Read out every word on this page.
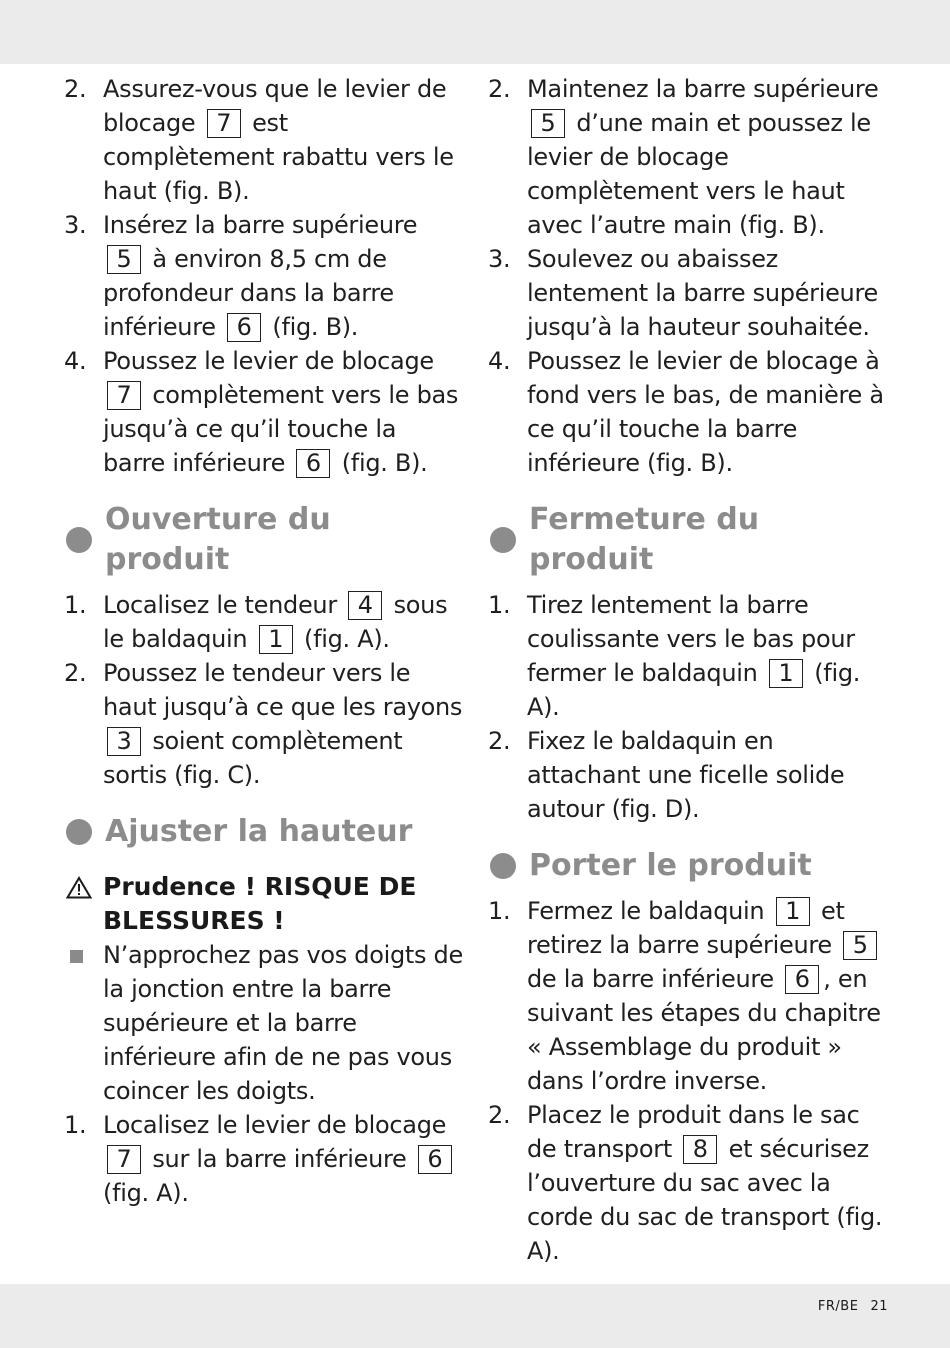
2. Assurez-vous que le levier de blocage 7 est complètement rabattu vers le haut (fig. B).
3. Insérez la barre supérieure 5 à environ 8,5 cm de profondeur dans la barre inférieure 6 (fig. B).
4. Poussez le levier de blocage 7 complètement vers le bas jusqu’à ce qu’il touche la barre inférieure 6 (fig. B).
Ouverture du produit
1. Localisez le tendeur 4 sous le baldaquin 1 (fig. A).
2. Poussez le tendeur vers le haut jusqu’à ce que les rayons 3 soient complètement sortis (fig. C).
Ajuster la hauteur
Prudence ! RISQUE DE BLESSURES !
N’approchez pas vos doigts de la jonction entre la barre supérieure et la barre inférieure afin de ne pas vous coincer les doigts.
1. Localisez le levier de blocage 7 sur la barre inférieure 6 (fig. A).
2. Maintenez la barre supérieure 5 d’une main et poussez le levier de blocage complètement vers le haut avec l’autre main (fig. B).
3. Soulevez ou abaissez lentement la barre supérieure jusqu’à la hauteur souhaitée.
4. Poussez le levier de blocage à fond vers le bas, de manière à ce qu’il touche la barre inférieure (fig. B).
Fermeture du produit
1. Tirez lentement la barre coulissante vers le bas pour fermer le baldaquin 1 (fig. A).
2. Fixez le baldaquin en attachant une ficelle solide autour (fig. D).
Porter le produit
1. Fermez le baldaquin 1 et retirez la barre supérieure 5 de la barre inférieure 6 , en suivant les étapes du chapitre « Assemblage du produit » dans l’ordre inverse.
2. Placez le produit dans le sac de transport 8 et sécurisez l’ouverture du sac avec la corde du sac de transport (fig. A).
FR/BE 21
